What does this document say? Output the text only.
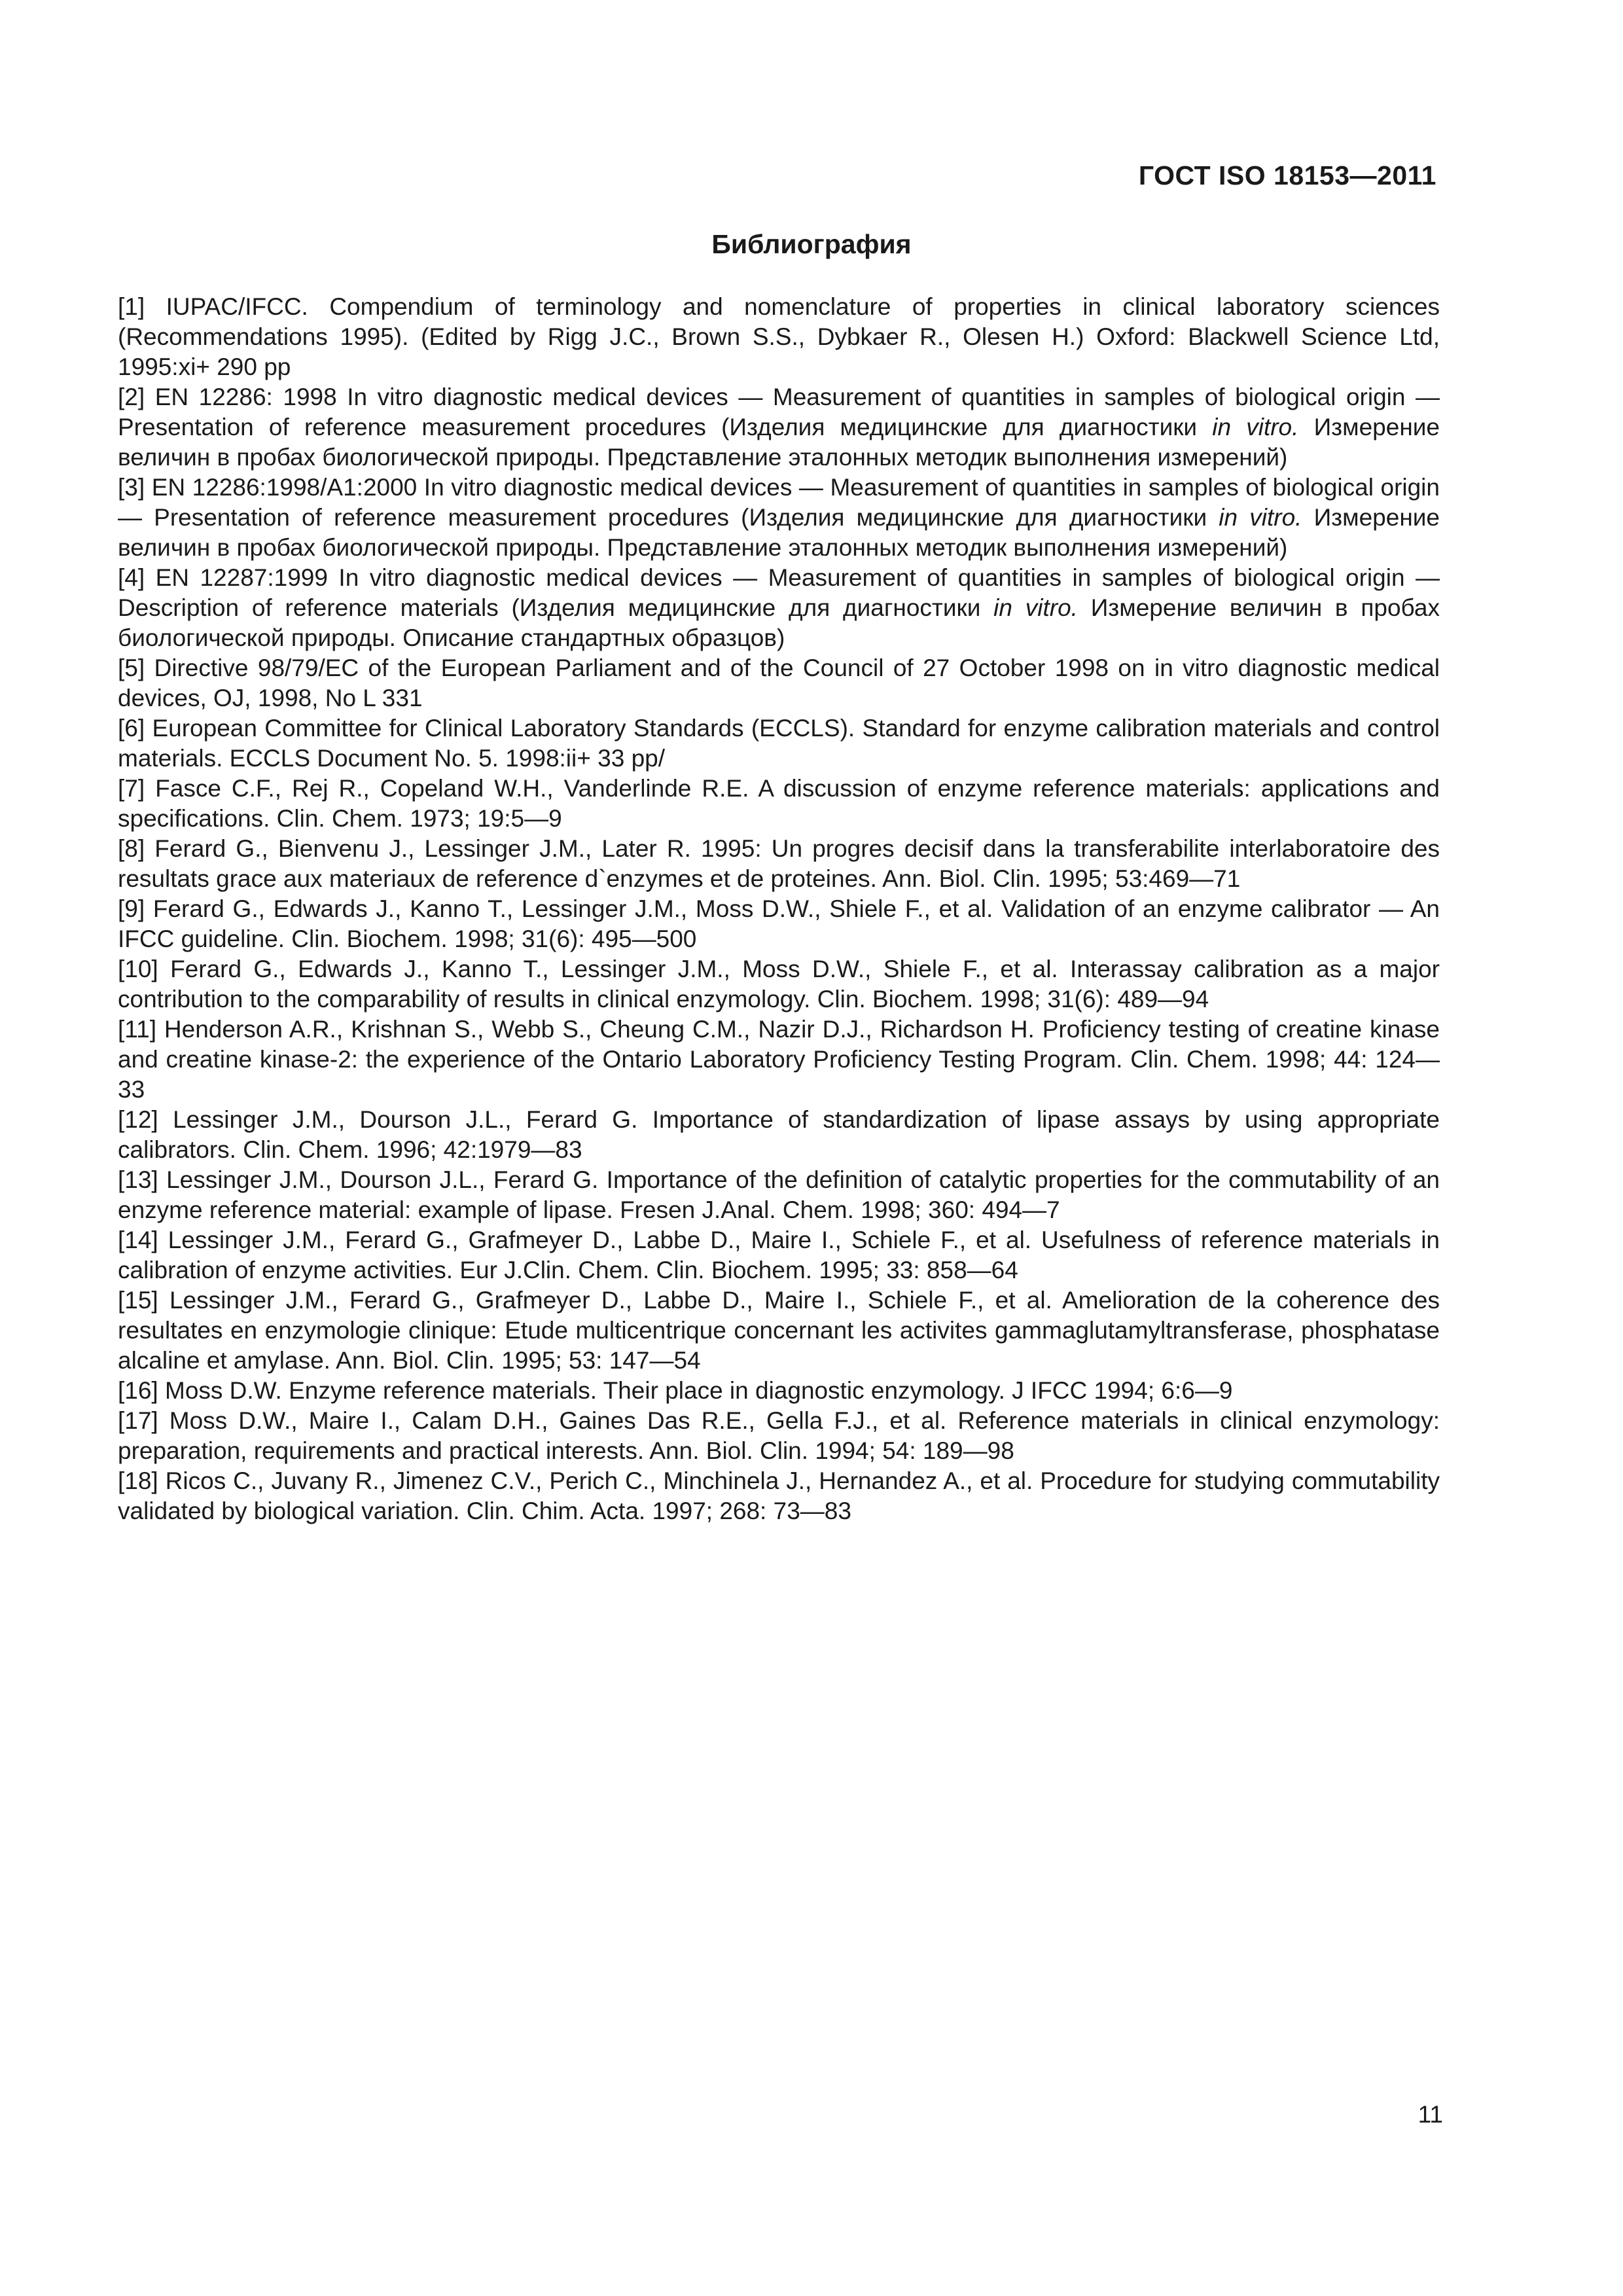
ГОСТ ISO 18153—2011
Библиография

[1] IUPAC/IFCC. Compendium of terminology and nomenclature of properties in clinical laboratory sciences (Recommendations 1995). (Edited by Rigg J.C., Brown S.S., Dybkaer R., Olesen H.) Oxford: Blackwell Science Ltd, 1995:xi+ 290 pp

[2] EN 12286: 1998 In vitro diagnostic medical devices — Measurement of quantities in samples of biological origin — Presentation of reference measurement procedures (Изделия медицинские для диагностики in vitro. Измерение величин в пробах биологической природы. Представление эталонных методик выполнения измерений)

[3] EN 12286:1998/A1:2000 In vitro diagnostic medical devices — Measurement of quantities in samples of biological origin — Presentation of reference measurement procedures (Изделия медицинские для диагностики in vitro. Измерение величин в пробах биологической природы. Представление эталонных методик выполнения измерений)

[4] EN 12287:1999 In vitro diagnostic medical devices — Measurement of quantities in samples of biological origin — Description of reference materials (Изделия медицинские для диагностики in vitro. Измерение величин в пробах биологической природы. Описание стандартных образцов)

[5] Directive 98/79/EC of the European Parliament and of the Council of 27 October 1998 on in vitro diagnostic medical devices, OJ, 1998, No L 331

[6] European Committee for Clinical Laboratory Standards (ECCLS). Standard for enzyme calibration materials and control materials. ECCLS Document No. 5. 1998:ii+ 33 pp/

[7] Fasce C.F., Rej R., Copeland W.H., Vanderlinde R.E. A discussion of enzyme reference materials: applications and specifications. Clin. Chem. 1973; 19:5—9

[8] Ferard G., Bienvenu J., Lessinger J.M., Later R. 1995: Un progres decisif dans la transferabilite interlaboratoire des resultats grace aux materiaux de reference d`enzymes et de proteines. Ann. Biol. Clin. 1995; 53:469—71

[9] Ferard G., Edwards J., Kanno T., Lessinger J.M., Moss D.W., Shiele F., et al. Validation of an enzyme calibrator — An IFCC guideline. Clin. Biochem. 1998; 31(6): 495—500

[10] Ferard G., Edwards J., Kanno T., Lessinger J.M., Moss D.W., Shiele F., et al. Interassay calibration as a major contribution to the comparability of results in clinical enzymology. Clin. Biochem. 1998; 31(6): 489—94

[11] Henderson A.R., Krishnan S., Webb S., Cheung C.M., Nazir D.J., Richardson H. Proficiency testing of creatine kinase and creatine kinase-2: the experience of the Ontario Laboratory Proficiency Testing Program. Clin. Chem. 1998; 44: 124—33

[12] Lessinger J.M., Dourson J.L., Ferard G. Importance of standardization of lipase assays by using appropriate calibrators. Clin. Chem. 1996; 42:1979—83

[13] Lessinger J.M., Dourson J.L., Ferard G. Importance of the definition of catalytic properties for the commutability of an enzyme reference material: example of lipase. Fresen J.Anal. Chem. 1998; 360: 494—7

[14] Lessinger J.M., Ferard G., Grafmeyer D., Labbe D., Maire I., Schiele F., et al. Usefulness of reference materials in calibration of enzyme activities. Eur J.Clin. Chem. Clin. Biochem. 1995; 33: 858—64

[15] Lessinger J.M., Ferard G., Grafmeyer D., Labbe D., Maire I., Schiele F., et al. Amelioration de la coherence des resultates en enzymologie clinique: Etude multicentrique concernant les activites gammaglutamyltransferase, phosphatase alcaline et amylase. Ann. Biol. Clin. 1995; 53: 147—54

[16] Moss D.W. Enzyme reference materials. Their place in diagnostic enzymology. J IFCC 1994; 6:6—9

[17] Moss D.W., Maire I., Calam D.H., Gaines Das R.E., Gella F.J., et al. Reference materials in clinical enzymology: preparation, requirements and practical interests. Ann. Biol. Clin. 1994; 54: 189—98

[18] Ricos C., Juvany R., Jimenez C.V., Perich C., Minchinela J., Hernandez A., et al. Procedure for studying commutability validated by biological variation. Clin. Chim. Acta. 1997; 268: 73—83

11
